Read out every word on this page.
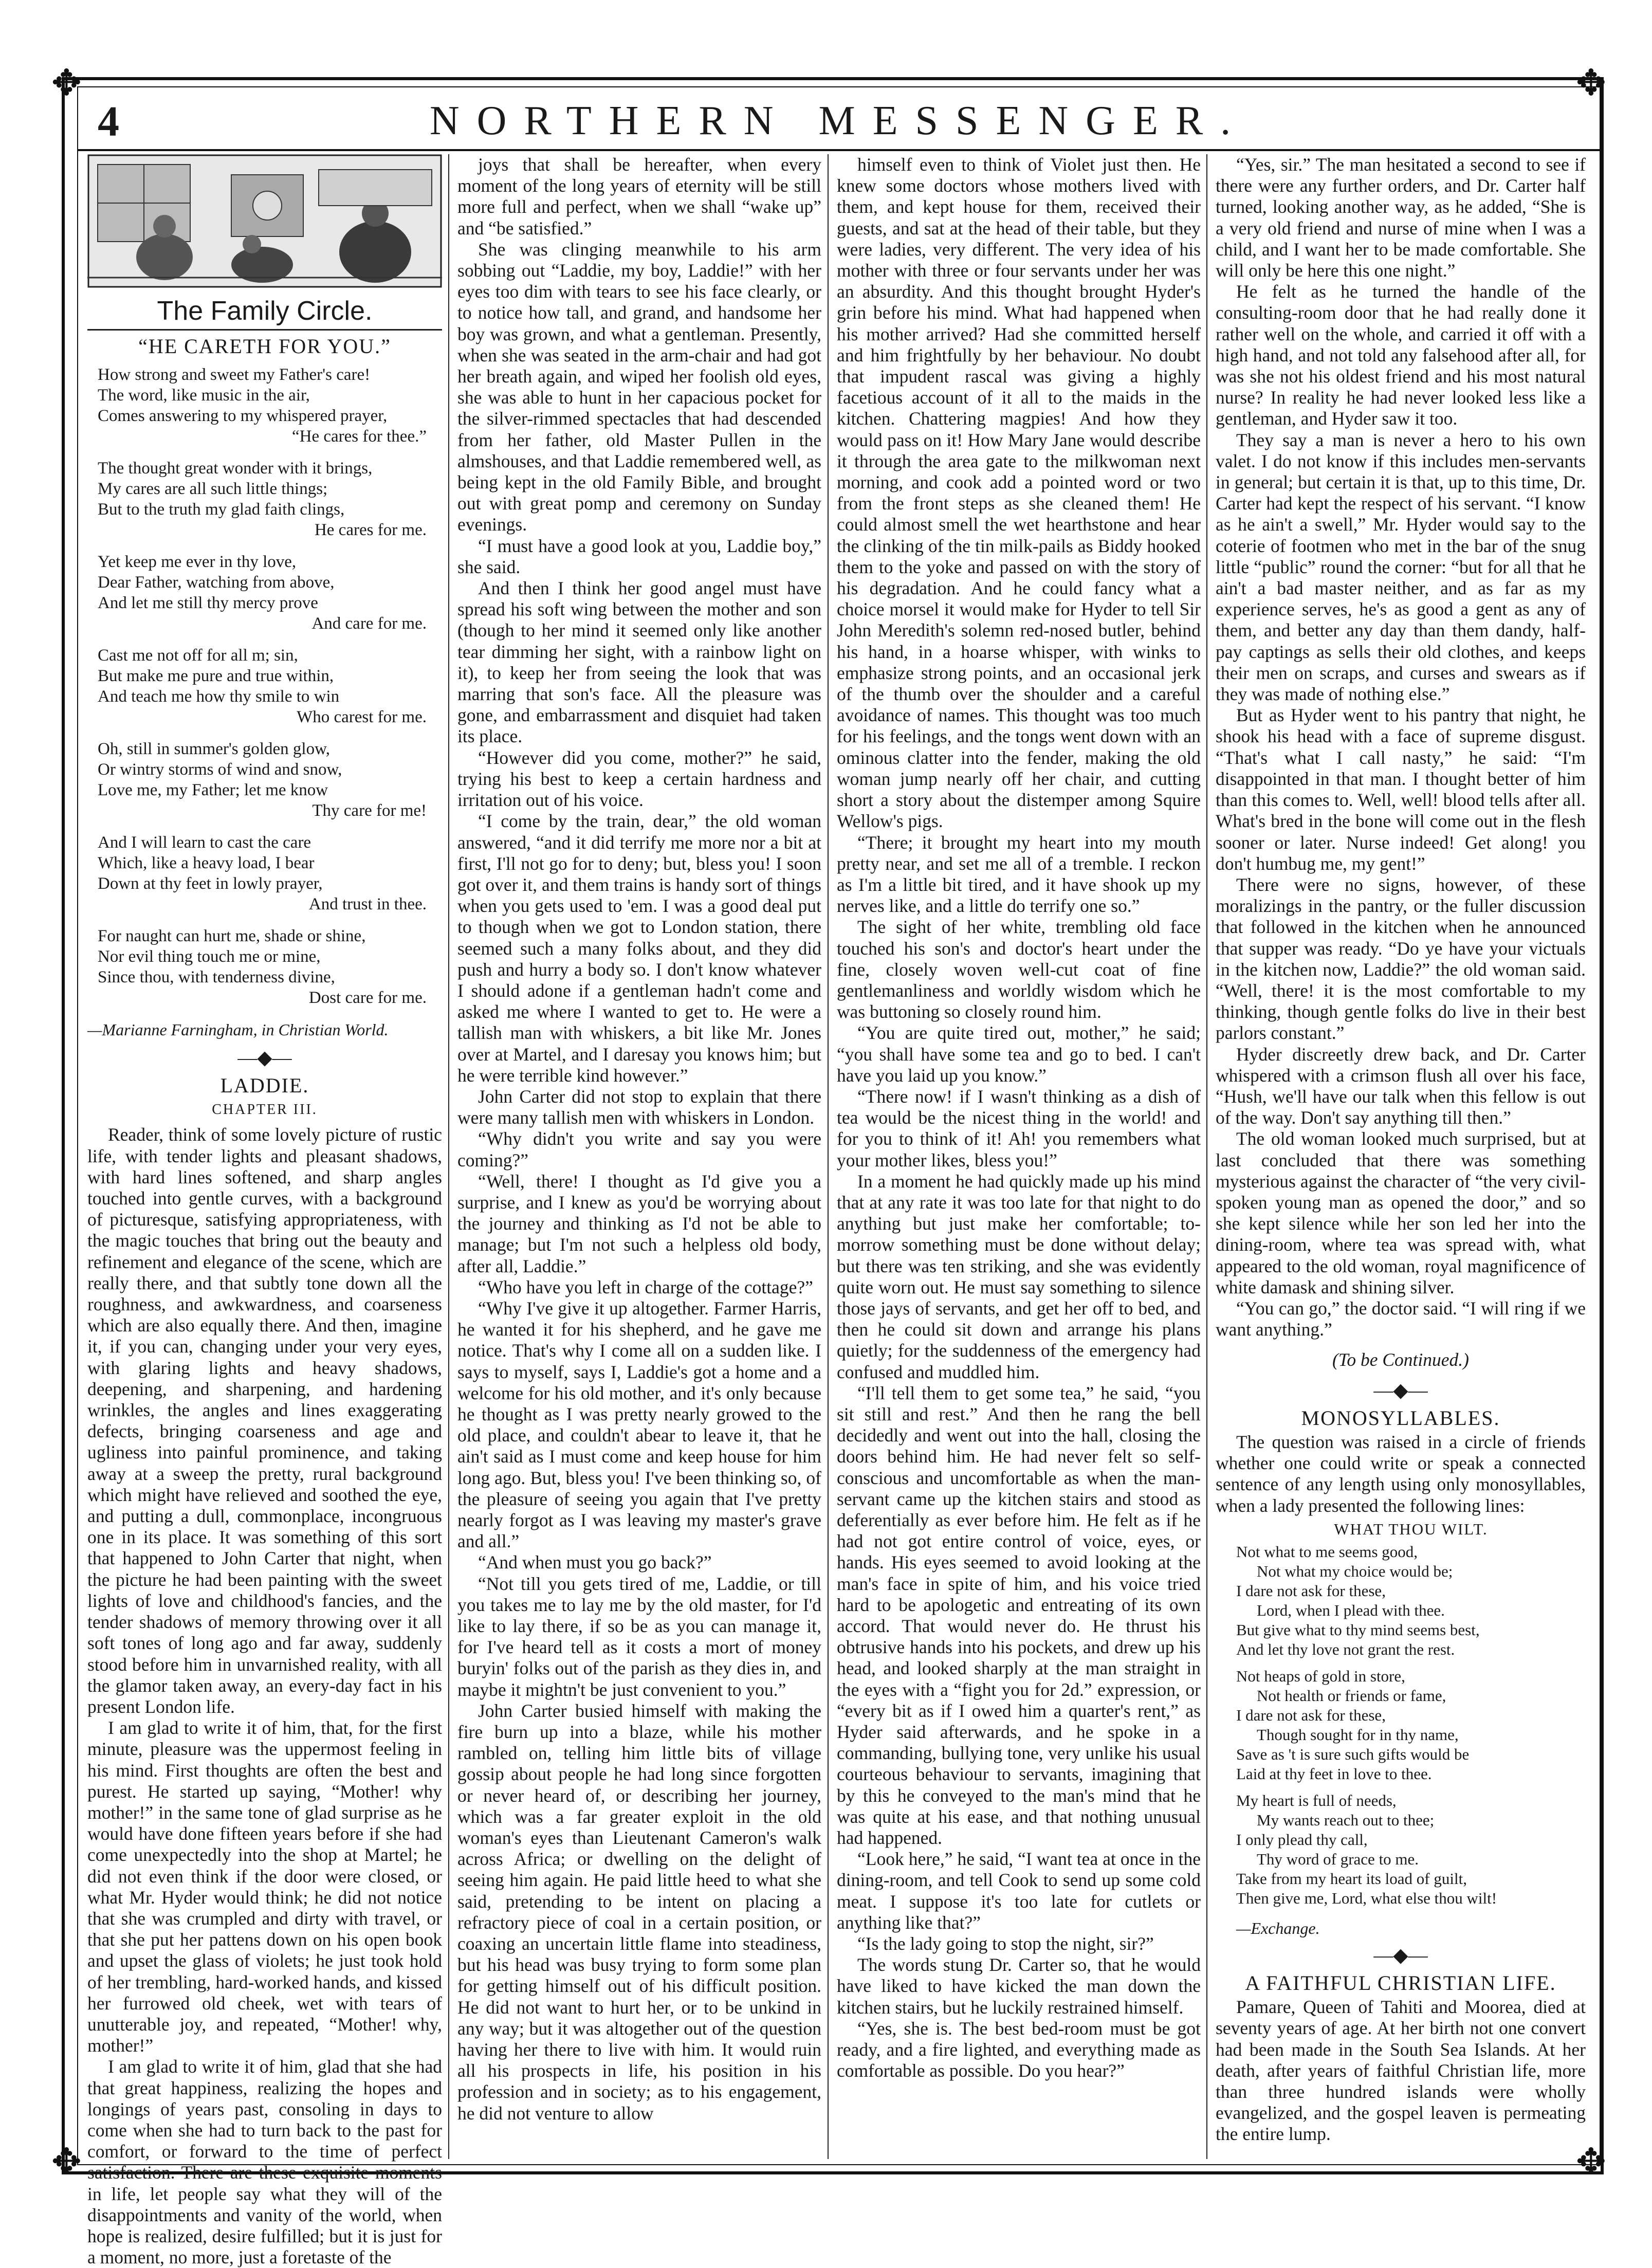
✥	✥
✥	✥
4	NORTHERN MESSENGER.
The Family Circle.
“HE CARETH FOR YOU.”
How strong and sweet my Father's care!
The word, like music in the air,
Comes answering to my whispered prayer,
“He cares for thee.”
The thought great wonder with it brings,
My cares are all such little things;
But to the truth my glad faith clings,
He cares for me.
Yet keep me ever in thy love,
Dear Father, watching from above,
And let me still thy mercy prove
And care for me.
Cast me not off for all m; sin,
But make me pure and true within,
And teach me how thy smile to win
Who carest for me.
Oh, still in summer's golden glow,
Or wintry storms of wind and snow,
Love me, my Father; let me know
Thy care for me!
And I will learn to cast the care
Which, like a heavy load, I bear
Down at thy feet in lowly prayer,
And trust in thee.
For naught can hurt me, shade or shine,
Nor evil thing touch me or mine,
Since thou, with tenderness divine,
Dost care for me.
—Marianne Farningham, in Christian World.
—◆—
LADDIE.
CHAPTER III.

Reader, think of some lovely picture of rustic life, with tender lights and pleasant shadows, with hard lines softened, and sharp angles touched into gentle curves, with a background of picturesque, satisfying appropriateness, with the magic touches that bring out the beauty and refinement and elegance of the scene, which are really there, and that subtly tone down all the roughness, and awkwardness, and coarseness which are also equally there. And then, imagine it, if you can, changing under your very eyes, with glaring lights and heavy shadows, deepening, and sharpening, and hardening wrinkles, the angles and lines exaggerating defects, bringing coarseness and age and ugliness into painful prominence, and taking away at a sweep the pretty, rural background which might have relieved and soothed the eye, and putting a dull, commonplace, incongruous one in its place. It was something of this sort that happened to John Carter that night, when the picture he had been painting with the sweet lights of love and childhood's fancies, and the tender shadows of memory throwing over it all soft tones of long ago and far away, suddenly stood before him in unvarnished reality, with all the glamor taken away, an every-day fact in his present London life.

I am glad to write it of him, that, for the first minute, pleasure was the uppermost feeling in his mind. First thoughts are often the best and purest. He started up saying, “Mother! why mother!” in the same tone of glad surprise as he would have done fifteen years before if she had come unexpectedly into the shop at Martel; he did not even think if the door were closed, or what Mr. Hyder would think; he did not notice that she was crumpled and dirty with travel, or that she put her pattens down on his open book and upset the glass of violets; he just took hold of her trembling, hard-worked hands, and kissed her furrowed old cheek, wet with tears of unutterable joy, and repeated, “Mother! why, mother!”

I am glad to write it of him, glad that she had that great happiness, realizing the hopes and longings of years past, consoling in days to come when she had to turn back to the past for comfort, or forward to the time of perfect satisfaction. There are these exquisite moments in life, let people say what they will of the disappointments and vanity of the world, when hope is realized, desire fulfilled; but it is just for a moment, no more, just a foretaste of the

joys that shall be hereafter, when every moment of the long years of eternity will be still more full and perfect, when we shall “wake up” and “be satisfied.”

She was clinging meanwhile to his arm sobbing out “Laddie, my boy, Laddie!” with her eyes too dim with tears to see his face clearly, or to notice how tall, and grand, and handsome her boy was grown, and what a gentleman. Presently, when she was seated in the arm-chair and had got her breath again, and wiped her foolish old eyes, she was able to hunt in her capacious pocket for the silver-rimmed spectacles that had descended from her father, old Master Pullen in the almshouses, and that Laddie remembered well, as being kept in the old Family Bible, and brought out with great pomp and ceremony on Sunday evenings.

“I must have a good look at you, Laddie boy,” she said.

And then I think her good angel must have spread his soft wing between the mother and son (though to her mind it seemed only like another tear dimming her sight, with a rainbow light on it), to keep her from seeing the look that was marring that son's face. All the pleasure was gone, and embarrassment and disquiet had taken its place.

“However did you come, mother?” he said, trying his best to keep a certain hardness and irritation out of his voice.

“I come by the train, dear,” the old woman answered, “and it did terrify me more nor a bit at first, I'll not go for to deny; but, bless you! I soon got over it, and them trains is handy sort of things when you gets used to 'em. I was a good deal put to though when we got to London station, there seemed such a many folks about, and they did push and hurry a body so. I don't know whatever I should adone if a gentleman hadn't come and asked me where I wanted to get to. He were a tallish man with whiskers, a bit like Mr. Jones over at Martel, and I daresay you knows him; but he were terrible kind however.”

John Carter did not stop to explain that there were many tallish men with whiskers in London.

“Why didn't you write and say you were coming?”

“Well, there! I thought as I'd give you a surprise, and I knew as you'd be worrying about the journey and thinking as I'd not be able to manage; but I'm not such a helpless old body, after all, Laddie.”

“Who have you left in charge of the cottage?”

“Why I've give it up altogether. Farmer Harris, he wanted it for his shepherd, and he gave me notice. That's why I come all on a sudden like. I says to myself, says I, Laddie's got a home and a welcome for his old mother, and it's only because he thought as I was pretty nearly growed to the old place, and couldn't abear to leave it, that he ain't said as I must come and keep house for him long ago. But, bless you! I've been thinking so, of the pleasure of seeing you again that I've pretty nearly forgot as I was leaving my master's grave and all.”

“And when must you go back?”

“Not till you gets tired of me, Laddie, or till you takes me to lay me by the old master, for I'd like to lay there, if so be as you can manage it, for I've heard tell as it costs a mort of money buryin' folks out of the parish as they dies in, and maybe it mightn't be just convenient to you.”

John Carter busied himself with making the fire burn up into a blaze, while his mother rambled on, telling him little bits of village gossip about people he had long since forgotten or never heard of, or describing her journey, which was a far greater exploit in the old woman's eyes than Lieutenant Cameron's walk across Africa; or dwelling on the delight of seeing him again. He paid little heed to what she said, pretending to be intent on placing a refractory piece of coal in a certain position, or coaxing an uncertain little flame into steadiness, but his head was busy trying to form some plan for getting himself out of his difficult position. He did not want to hurt her, or to be unkind in any way; but it was altogether out of the question having her there to live with him. It would ruin all his prospects in life, his position in his profession and in society; as to his engagement, he did not venture to allow

himself even to think of Violet just then. He knew some doctors whose mothers lived with them, and kept house for them, received their guests, and sat at the head of their table, but they were ladies, very different. The very idea of his mother with three or four servants under her was an absurdity. And this thought brought Hyder's grin before his mind. What had happened when his mother arrived? Had she committed herself and him frightfully by her behaviour. No doubt that impudent rascal was giving a highly facetious account of it all to the maids in the kitchen. Chattering magpies! And how they would pass on it! How Mary Jane would describe it through the area gate to the milkwoman next morning, and cook add a pointed word or two from the front steps as she cleaned them! He could almost smell the wet hearthstone and hear the clinking of the tin milk-pails as Biddy hooked them to the yoke and passed on with the story of his degradation. And he could fancy what a choice morsel it would make for Hyder to tell Sir John Meredith's solemn red-nosed butler, behind his hand, in a hoarse whisper, with winks to emphasize strong points, and an occasional jerk of the thumb over the shoulder and a careful avoidance of names. This thought was too much for his feelings, and the tongs went down with an ominous clatter into the fender, making the old woman jump nearly off her chair, and cutting short a story about the distemper among Squire Wellow's pigs.

“There; it brought my heart into my mouth pretty near, and set me all of a tremble. I reckon as I'm a little bit tired, and it have shook up my nerves like, and a little do terrify one so.”

The sight of her white, trembling old face touched his son's and doctor's heart under the fine, closely woven well-cut coat of fine gentlemanliness and worldly wisdom which he was buttoning so closely round him.

“You are quite tired out, mother,” he said; “you shall have some tea and go to bed. I can't have you laid up you know.”

“There now! if I wasn't thinking as a dish of tea would be the nicest thing in the world! and for you to think of it! Ah! you remembers what your mother likes, bless you!”

In a moment he had quickly made up his mind that at any rate it was too late for that night to do anything but just make her comfortable; to-morrow something must be done without delay; but there was ten striking, and she was evidently quite worn out. He must say something to silence those jays of servants, and get her off to bed, and then he could sit down and arrange his plans quietly; for the suddenness of the emergency had confused and muddled him.

“I'll tell them to get some tea,” he said, “you sit still and rest.” And then he rang the bell decidedly and went out into the hall, closing the doors behind him. He had never felt so self-conscious and uncomfortable as when the man-servant came up the kitchen stairs and stood as deferentially as ever before him. He felt as if he had not got entire control of voice, eyes, or hands. His eyes seemed to avoid looking at the man's face in spite of him, and his voice tried hard to be apologetic and entreating of its own accord. That would never do. He thrust his obtrusive hands into his pockets, and drew up his head, and looked sharply at the man straight in the eyes with a “fight you for 2d.” expression, or “every bit as if I owed him a quarter's rent,” as Hyder said afterwards, and he spoke in a commanding, bullying tone, very unlike his usual courteous behaviour to servants, imagining that by this he conveyed to the man's mind that he was quite at his ease, and that nothing unusual had happened.

“Look here,” he said, “I want tea at once in the dining-room, and tell Cook to send up some cold meat. I suppose it's too late for cutlets or anything like that?”

“Is the lady going to stop the night, sir?”

The words stung Dr. Carter so, that he would have liked to have kicked the man down the kitchen stairs, but he luckily restrained himself.

“Yes, she is. The best bed-room must be got ready, and a fire lighted, and everything made as comfortable as possible. Do you hear?”

“Yes, sir.” The man hesitated a second to see if there were any further orders, and Dr. Carter half turned, looking another way, as he added, “She is a very old friend and nurse of mine when I was a child, and I want her to be made comfortable. She will only be here this one night.”

He felt as he turned the handle of the consulting-room door that he had really done it rather well on the whole, and carried it off with a high hand, and not told any falsehood after all, for was she not his oldest friend and his most natural nurse? In reality he had never looked less like a gentleman, and Hyder saw it too.

They say a man is never a hero to his own valet. I do not know if this includes men-servants in general; but certain it is that, up to this time, Dr. Carter had kept the respect of his servant. “I know as he ain't a swell,” Mr. Hyder would say to the coterie of footmen who met in the bar of the snug little “public” round the corner: “but for all that he ain't a bad master neither, and as far as my experience serves, he's as good a gent as any of them, and better any day than them dandy, half-pay captings as sells their old clothes, and keeps their men on scraps, and curses and swears as if they was made of nothing else.”

But as Hyder went to his pantry that night, he shook his head with a face of supreme disgust. “That's what I call nasty,” he said: “I'm disappointed in that man. I thought better of him than this comes to. Well, well! blood tells after all. What's bred in the bone will come out in the flesh sooner or later. Nurse indeed! Get along! you don't humbug me, my gent!”

There were no signs, however, of these moralizings in the pantry, or the fuller discussion that followed in the kitchen when he announced that supper was ready. “Do ye have your victuals in the kitchen now, Laddie?” the old woman said. “Well, there! it is the most comfortable to my thinking, though gentle folks do live in their best parlors constant.”

Hyder discreetly drew back, and Dr. Carter whispered with a crimson flush all over his face, “Hush, we'll have our talk when this fellow is out of the way. Don't say anything till then.”

The old woman looked much surprised, but at last concluded that there was something mysterious against the character of “the very civil-spoken young man as opened the door,” and so she kept silence while her son led her into the dining-room, where tea was spread with, what appeared to the old woman, royal magnificence of white damask and shining silver.

“You can go,” the doctor said. “I will ring if we want anything.”

(To be Continued.)
—◆—
MONOSYLLABLES.

The question was raised in a circle of friends whether one could write or speak a connected sentence of any length using only monosyllables, when a lady presented the following lines:

WHAT THOU WILT.
Not what to me seems good,
Not what my choice would be;
I dare not ask for these,
Lord, when I plead with thee.
But give what to thy mind seems best,
And let thy love not grant the rest.
Not heaps of gold in store,
Not health or friends or fame,
I dare not ask for these,
Though sought for in thy name,
Save as 't is sure such gifts would be
Laid at thy feet in love to thee.
My heart is full of needs,
My wants reach out to thee;
I only plead thy call,
Thy word of grace to me.
Take from my heart its load of guilt,
Then give me, Lord, what else thou wilt!
—Exchange.
—◆—
A FAITHFUL CHRISTIAN LIFE.

Pamare, Queen of Tahiti and Moorea, died at seventy years of age. At her birth not one convert had been made in the South Sea Islands. At her death, after years of faithful Christian life, more than three hundred islands were wholly evangelized, and the gospel leaven is permeating the entire lump.
